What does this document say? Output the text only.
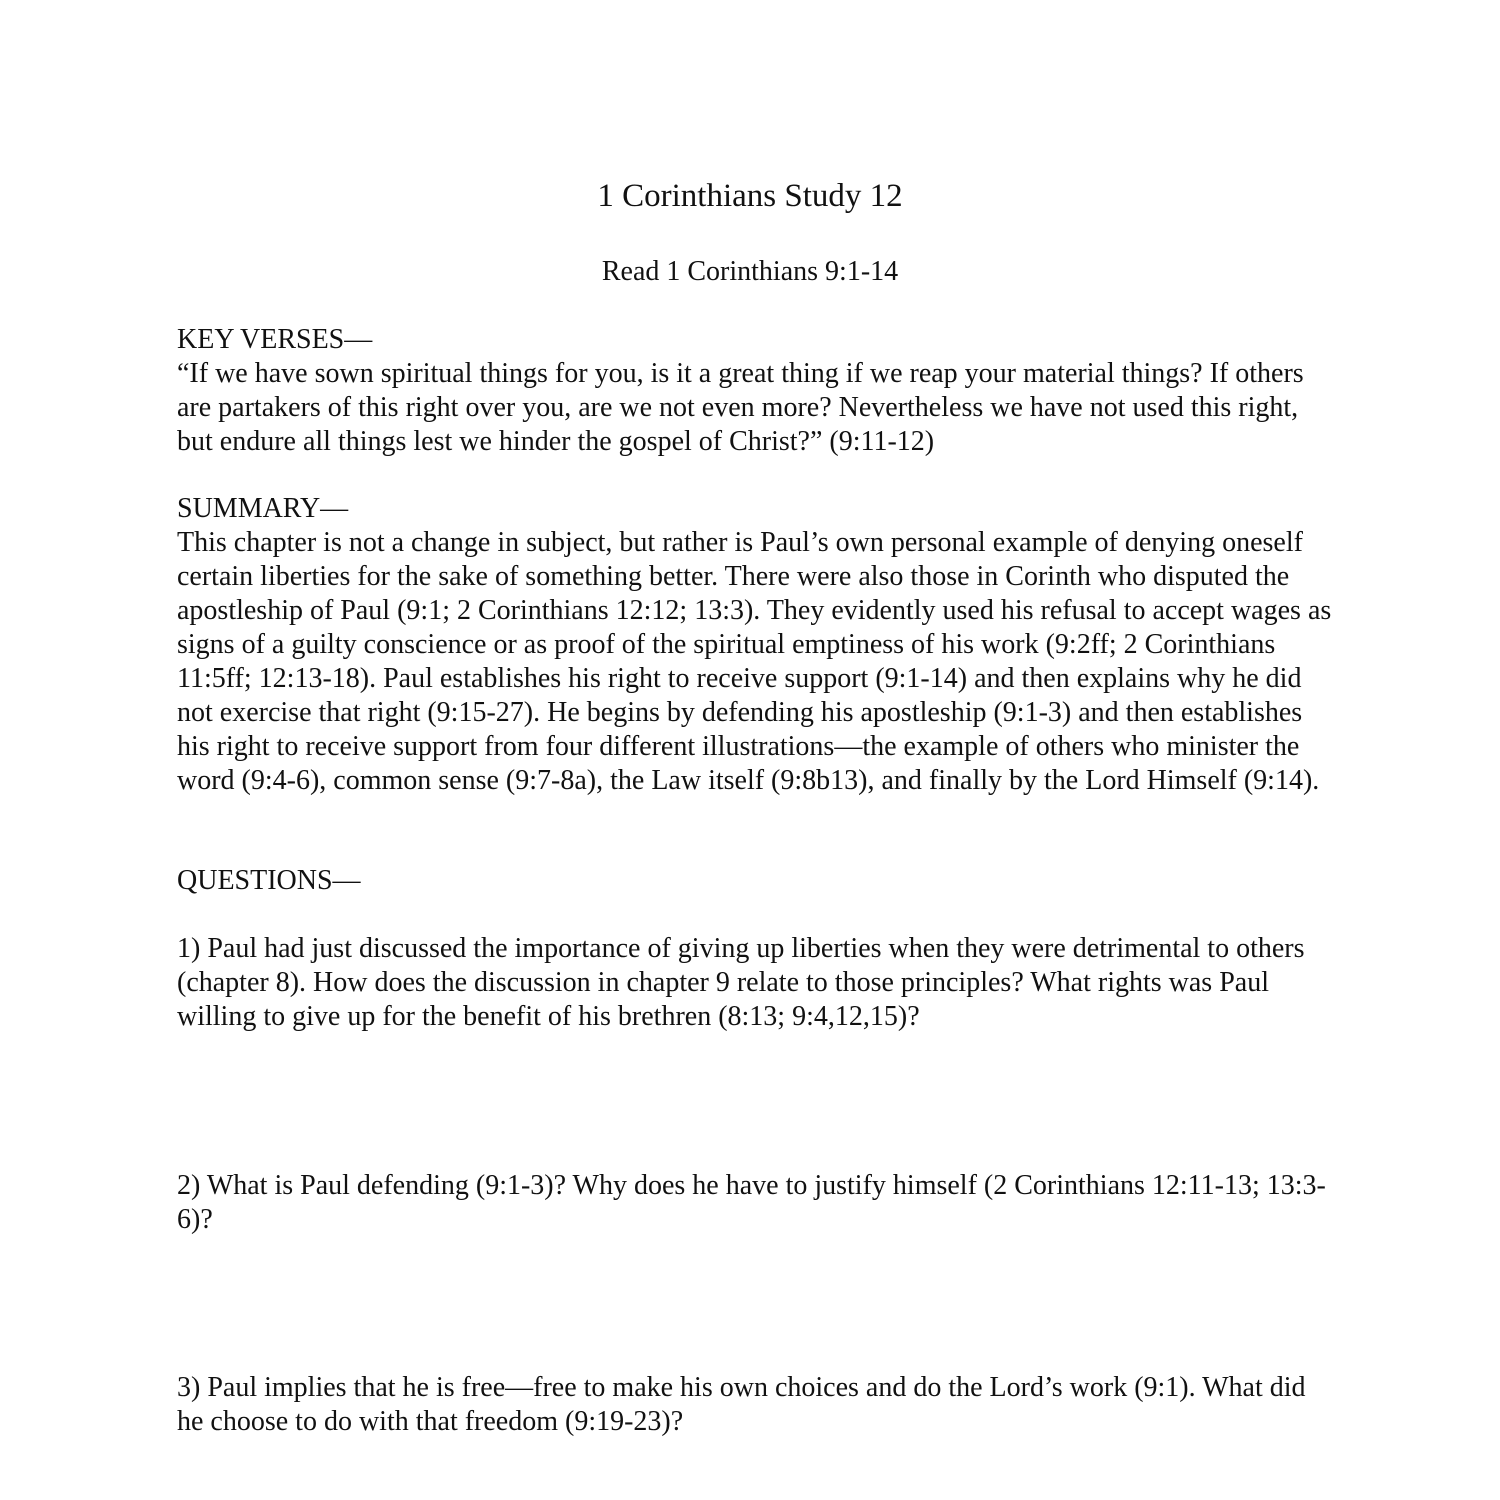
1 Corinthians Study 12
Read 1 Corinthians 9:1-14

KEY VERSES—

“If we have sown spiritual things for you, is it a great thing if we reap your material things? If others are partakers of this right over you, are we not even more? Nevertheless we have not used this right, but endure all things lest we hinder the gospel of Christ?” (9:11-12)

SUMMARY—

This chapter is not a change in subject, but rather is Paul’s own personal example of denying oneself certain liberties for the sake of something better. There were also those in Corinth who disputed the apostleship of Paul (9:1; 2 Corinthians 12:12; 13:3). They evidently used his refusal to accept wages as signs of a guilty conscience or as proof of the spiritual emptiness of his work (9:2ff; 2 Corinthians 11:5ff; 12:13-18). Paul establishes his right to receive support (9:1-14) and then explains why he did not exercise that right (9:15-27). He begins by defending his apostleship (9:1-3) and then establishes his right to receive support from four different illustrations—the example of others who minister the word (9:4-6), common sense (9:7-8a), the Law itself (9:8b13), and finally by the Lord Himself (9:14).

QUESTIONS—

1) Paul had just discussed the importance of giving up liberties when they were detrimental to others (chapter 8). How does the discussion in chapter 9 relate to those principles? What rights was Paul willing to give up for the benefit of his brethren (8:13; 9:4,12,15)?

2) What is Paul defending (9:1-3)? Why does he have to justify himself (2 Corinthians 12:11-13; 13:3-6)?

3) Paul implies that he is free—free to make his own choices and do the Lord’s work (9:1). What did he choose to do with that freedom (9:19-23)?
